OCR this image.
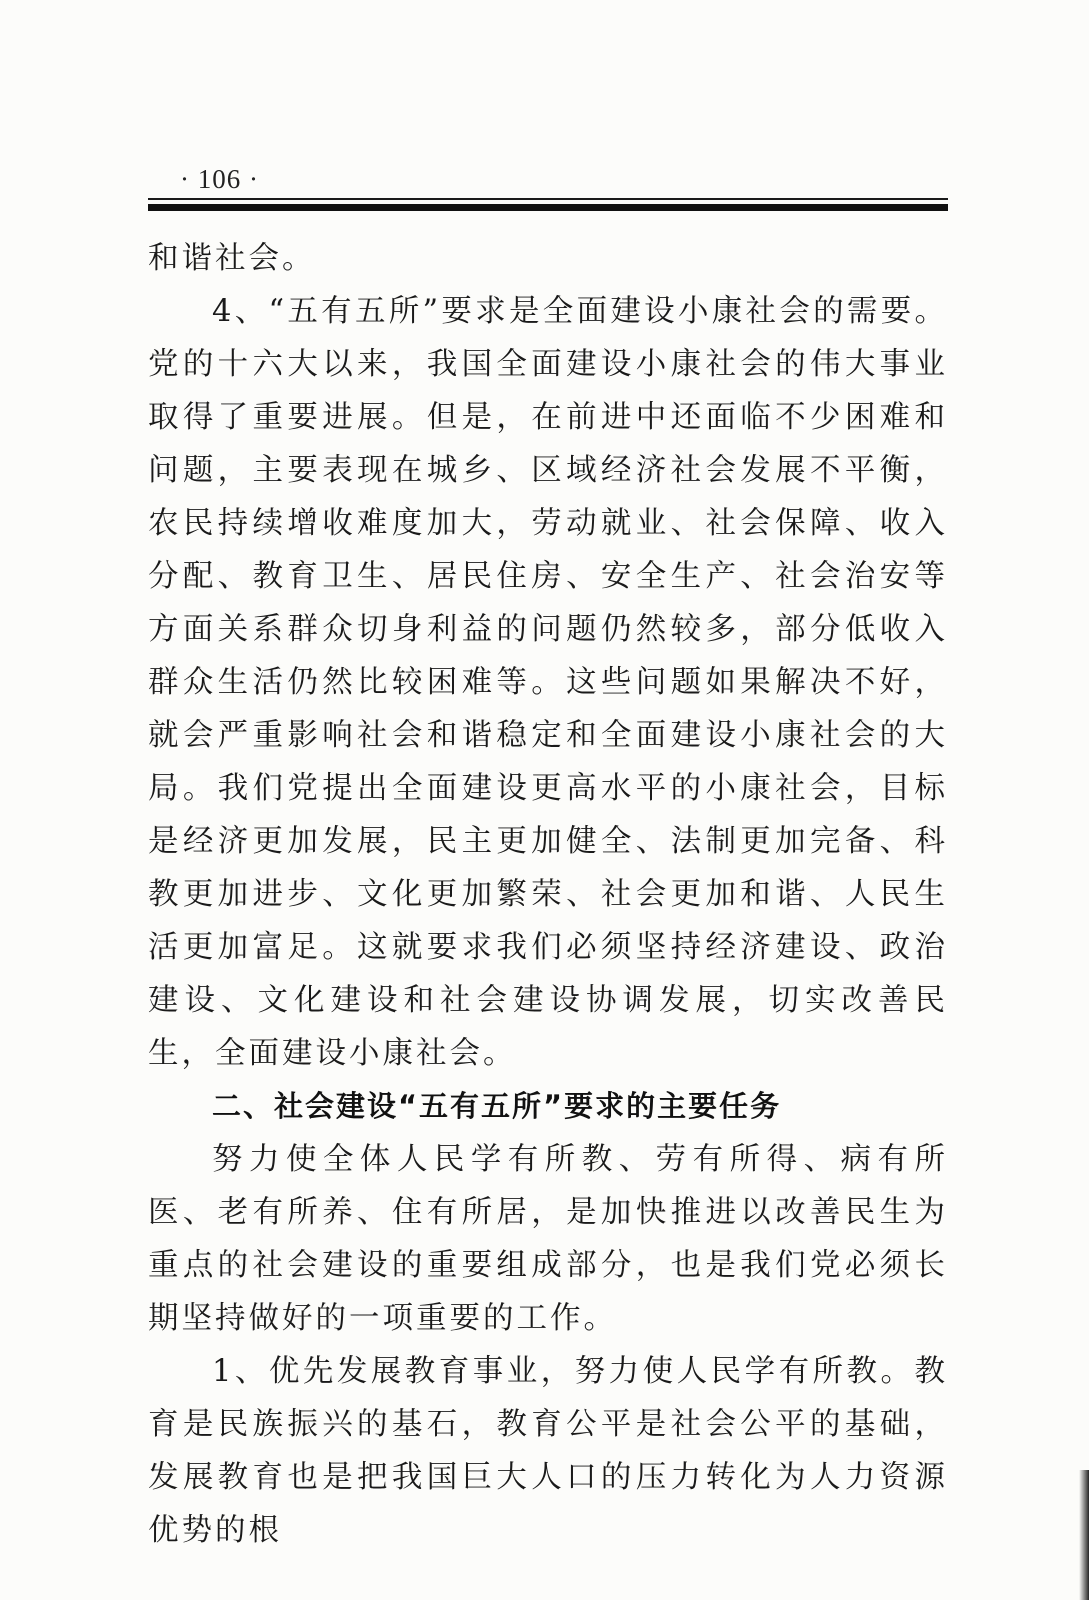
· 106 ·

和谐社会。

4、“五有五所”要求是全面建设小康社会的需要。党的十六大以来，我国全面建设小康社会的伟大事业取得了重要进展。但是，在前进中还面临不少困难和问题，主要表现在城乡、区域经济社会发展不平衡，农民持续增收难度加大，劳动就业、社会保障、收入分配、教育卫生、居民住房、安全生产、社会治安等方面关系群众切身利益的问题仍然较多，部分低收入群众生活仍然比较困难等。这些问题如果解决不好，就会严重影响社会和谐稳定和全面建设小康社会的大局。我们党提出全面建设更高水平的小康社会，目标是经济更加发展，民主更加健全、法制更加完备、科教更加进步、文化更加繁荣、社会更加和谐、人民生活更加富足。这就要求我们必须坚持经济建设、政治建设、文化建设和社会建设协调发展，切实改善民生，全面建设小康社会。

二、社会建设“五有五所”要求的主要任务

努力使全体人民学有所教、劳有所得、病有所医、老有所养、住有所居，是加快推进以改善民生为重点的社会建设的重要组成部分，也是我们党必须长期坚持做好的一项重要的工作。

1、优先发展教育事业，努力使人民学有所教。教育是民族振兴的基石，教育公平是社会公平的基础，发展教育也是把我国巨大人口的压力转化为人力资源优势的根
